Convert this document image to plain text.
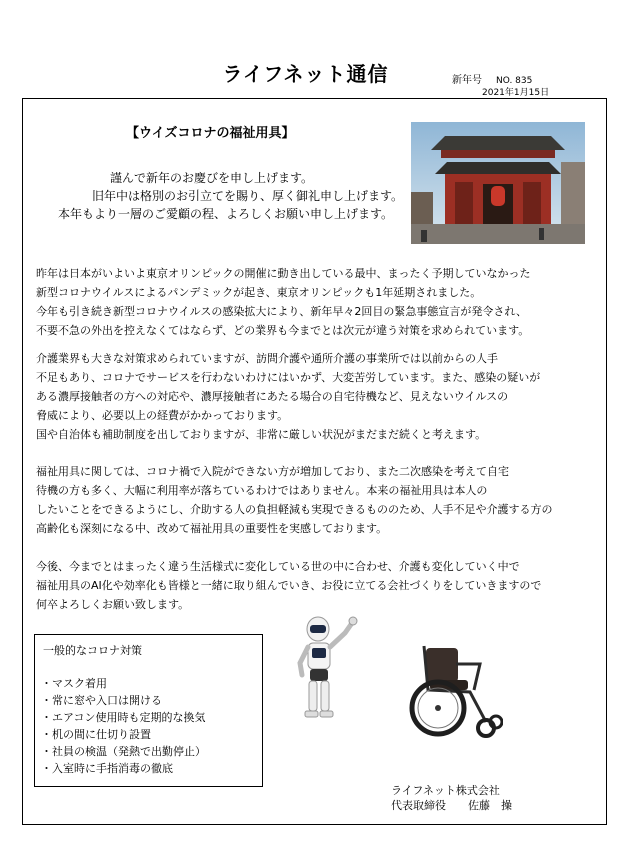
ライフネット通信	新年号 NO. 835
2021年1月15日
【ウイズコロナの福祉用具】
謹んで新年のお慶びを申し上げます。
旧年中は格別のお引立てを賜り、厚く御礼申し上げます。
本年もより一層のご愛顧の程、よろしくお願い申し上げます。
昨年は日本がいよいよ東京オリンピックの開催に動き出している最中、まったく予期していなかった
新型コロナウイルスによるパンデミックが起き、東京オリンピックも1年延期されました。
今年も引き続き新型コロナウイルスの感染拡大により、新年早々2回目の緊急事態宣言が発令され、
不要不急の外出を控えなくてはならず、どの業界も今までとは次元が違う対策を求められています。
介護業界も大きな対策求められていますが、訪問介護や通所介護の事業所では以前からの人手
不足もあり、コロナでサービスを行わないわけにはいかず、大変苦労しています。また、感染の疑いが
ある濃厚接触者の方への対応や、濃厚接触者にあたる場合の自宅待機など、見えないウイルスの
脅威により、必要以上の経費がかかっております。
国や自治体も補助制度を出しておりますが、非常に厳しい状況がまだまだ続くと考えます。
福祉用具に関しては、コロナ禍で入院ができない方が増加しており、また二次感染を考えて自宅
待機の方も多く、大幅に利用率が落ちているわけではありません。本来の福祉用具は本人の
したいことをできるようにし、介助する人の負担軽減も実現できるもののため、人手不足や介護する方の
高齢化も深刻になる中、改めて福祉用具の重要性を実感しております。
今後、今までとはまったく違う生活様式に変化している世の中に合わせ、介護も変化していく中で
福祉用具のAI化や効率化も皆様と一緒に取り組んでいき、お役に立てる会社づくりをしていきますので
何卒よろしくお願い致します。
一般的なコロナ対策
・マスク着用
・常に窓や入口は開ける
・エアコン使用時も定期的な換気
・机の間に仕切り設置
・社員の検温（発熱で出勤停止）
・入室時に手指消毒の徹底
ライフネット株式会社
代表取締役　　佐藤　操
